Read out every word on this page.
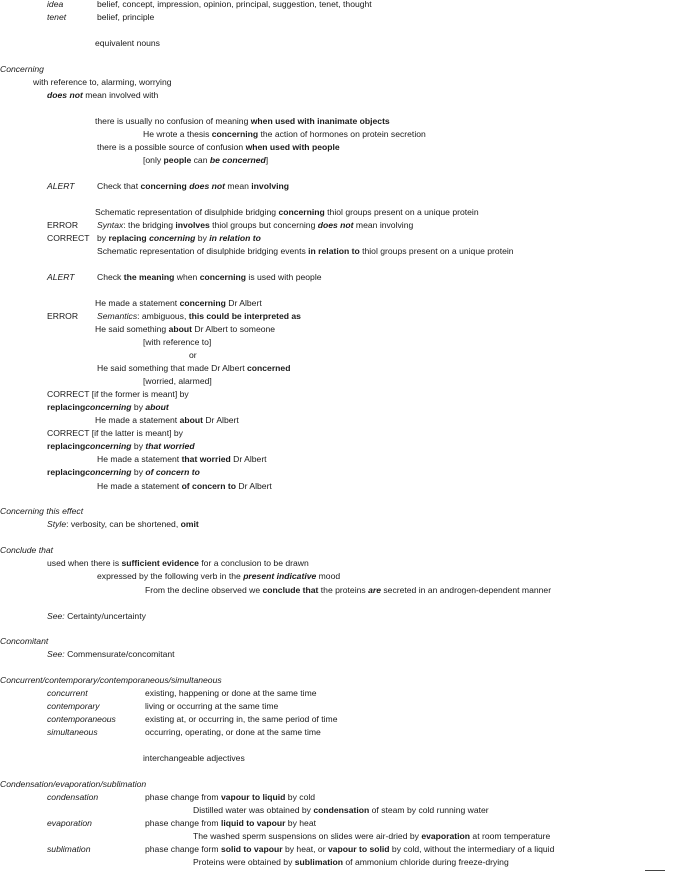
idea	belief, concept, impression, opinion, principal, suggestion, tenet, thought
tenet	belief, principle
equivalent nouns
Concerning
with reference to, alarming, worrying
does not mean involved with
there is usually no confusion of meaning when used with inanimate objects
He wrote a thesis concerning the action of hormones on protein secretion
there is a possible source of confusion when used with people
[only people can be concerned]
ALERT	Check that concerning does not mean involving
Schematic representation of disulphide bridging concerning thiol groups present on a unique protein
ERROR Syntax: the bridging involves thiol groups but concerning does not mean involving
CORRECT by replacing concerning by in relation to
Schematic representation of disulphide bridging events in relation to thiol groups present on a unique protein
ALERT	Check the meaning when concerning is used with people
He made a statement concerning Dr Albert
ERROR Semantics: ambiguous, this could be interpreted as
He said something about Dr Albert to someone
[with reference to]
or
He said something that made Dr Albert concerned
[worried, alarmed]
CORRECT [if the former is meant] by
replacingconcerning by about
He made a statement about Dr Albert
CORRECT [if the latter is meant] by
replacingconcerning by that worried
He made a statement that worried Dr Albert
replacingconcerning by of concern to
He made a statement of concern to Dr Albert
Concerning this effect
Style: verbosity, can be shortened, omit
Conclude that
used when there is sufficient evidence for a conclusion to be drawn
expressed by the following verb in the present indicative mood
From the decline observed we conclude that the proteins are secreted in an androgen-dependent manner
See: Certainty/uncertainty
Concomitant
See: Commensurate/concomitant
Concurrent/contemporary/contemporaneous/simultaneous
concurrent	existing, happening or done at the same time
contemporary	living or occurring at the same time
contemporaneous	existing at, or occurring in, the same period of time
simultaneous	occurring, operating, or done at the same time
interchangeable adjectives
Condensation/evaporation/sublimation
condensation	phase change from vapour to liquid by cold
Distilled water was obtained by condensation of steam by cold running water
evaporation	phase change from liquid to vapour by heat
The washed sperm suspensions on slides were air-dried by evaporation at room temperature
sublimation	phase change form solid to vapour by heat, or vapour to solid by cold, without the intermediary of a liquid
Proteins were obtained by sublimation of ammonium chloride during freeze-drying
